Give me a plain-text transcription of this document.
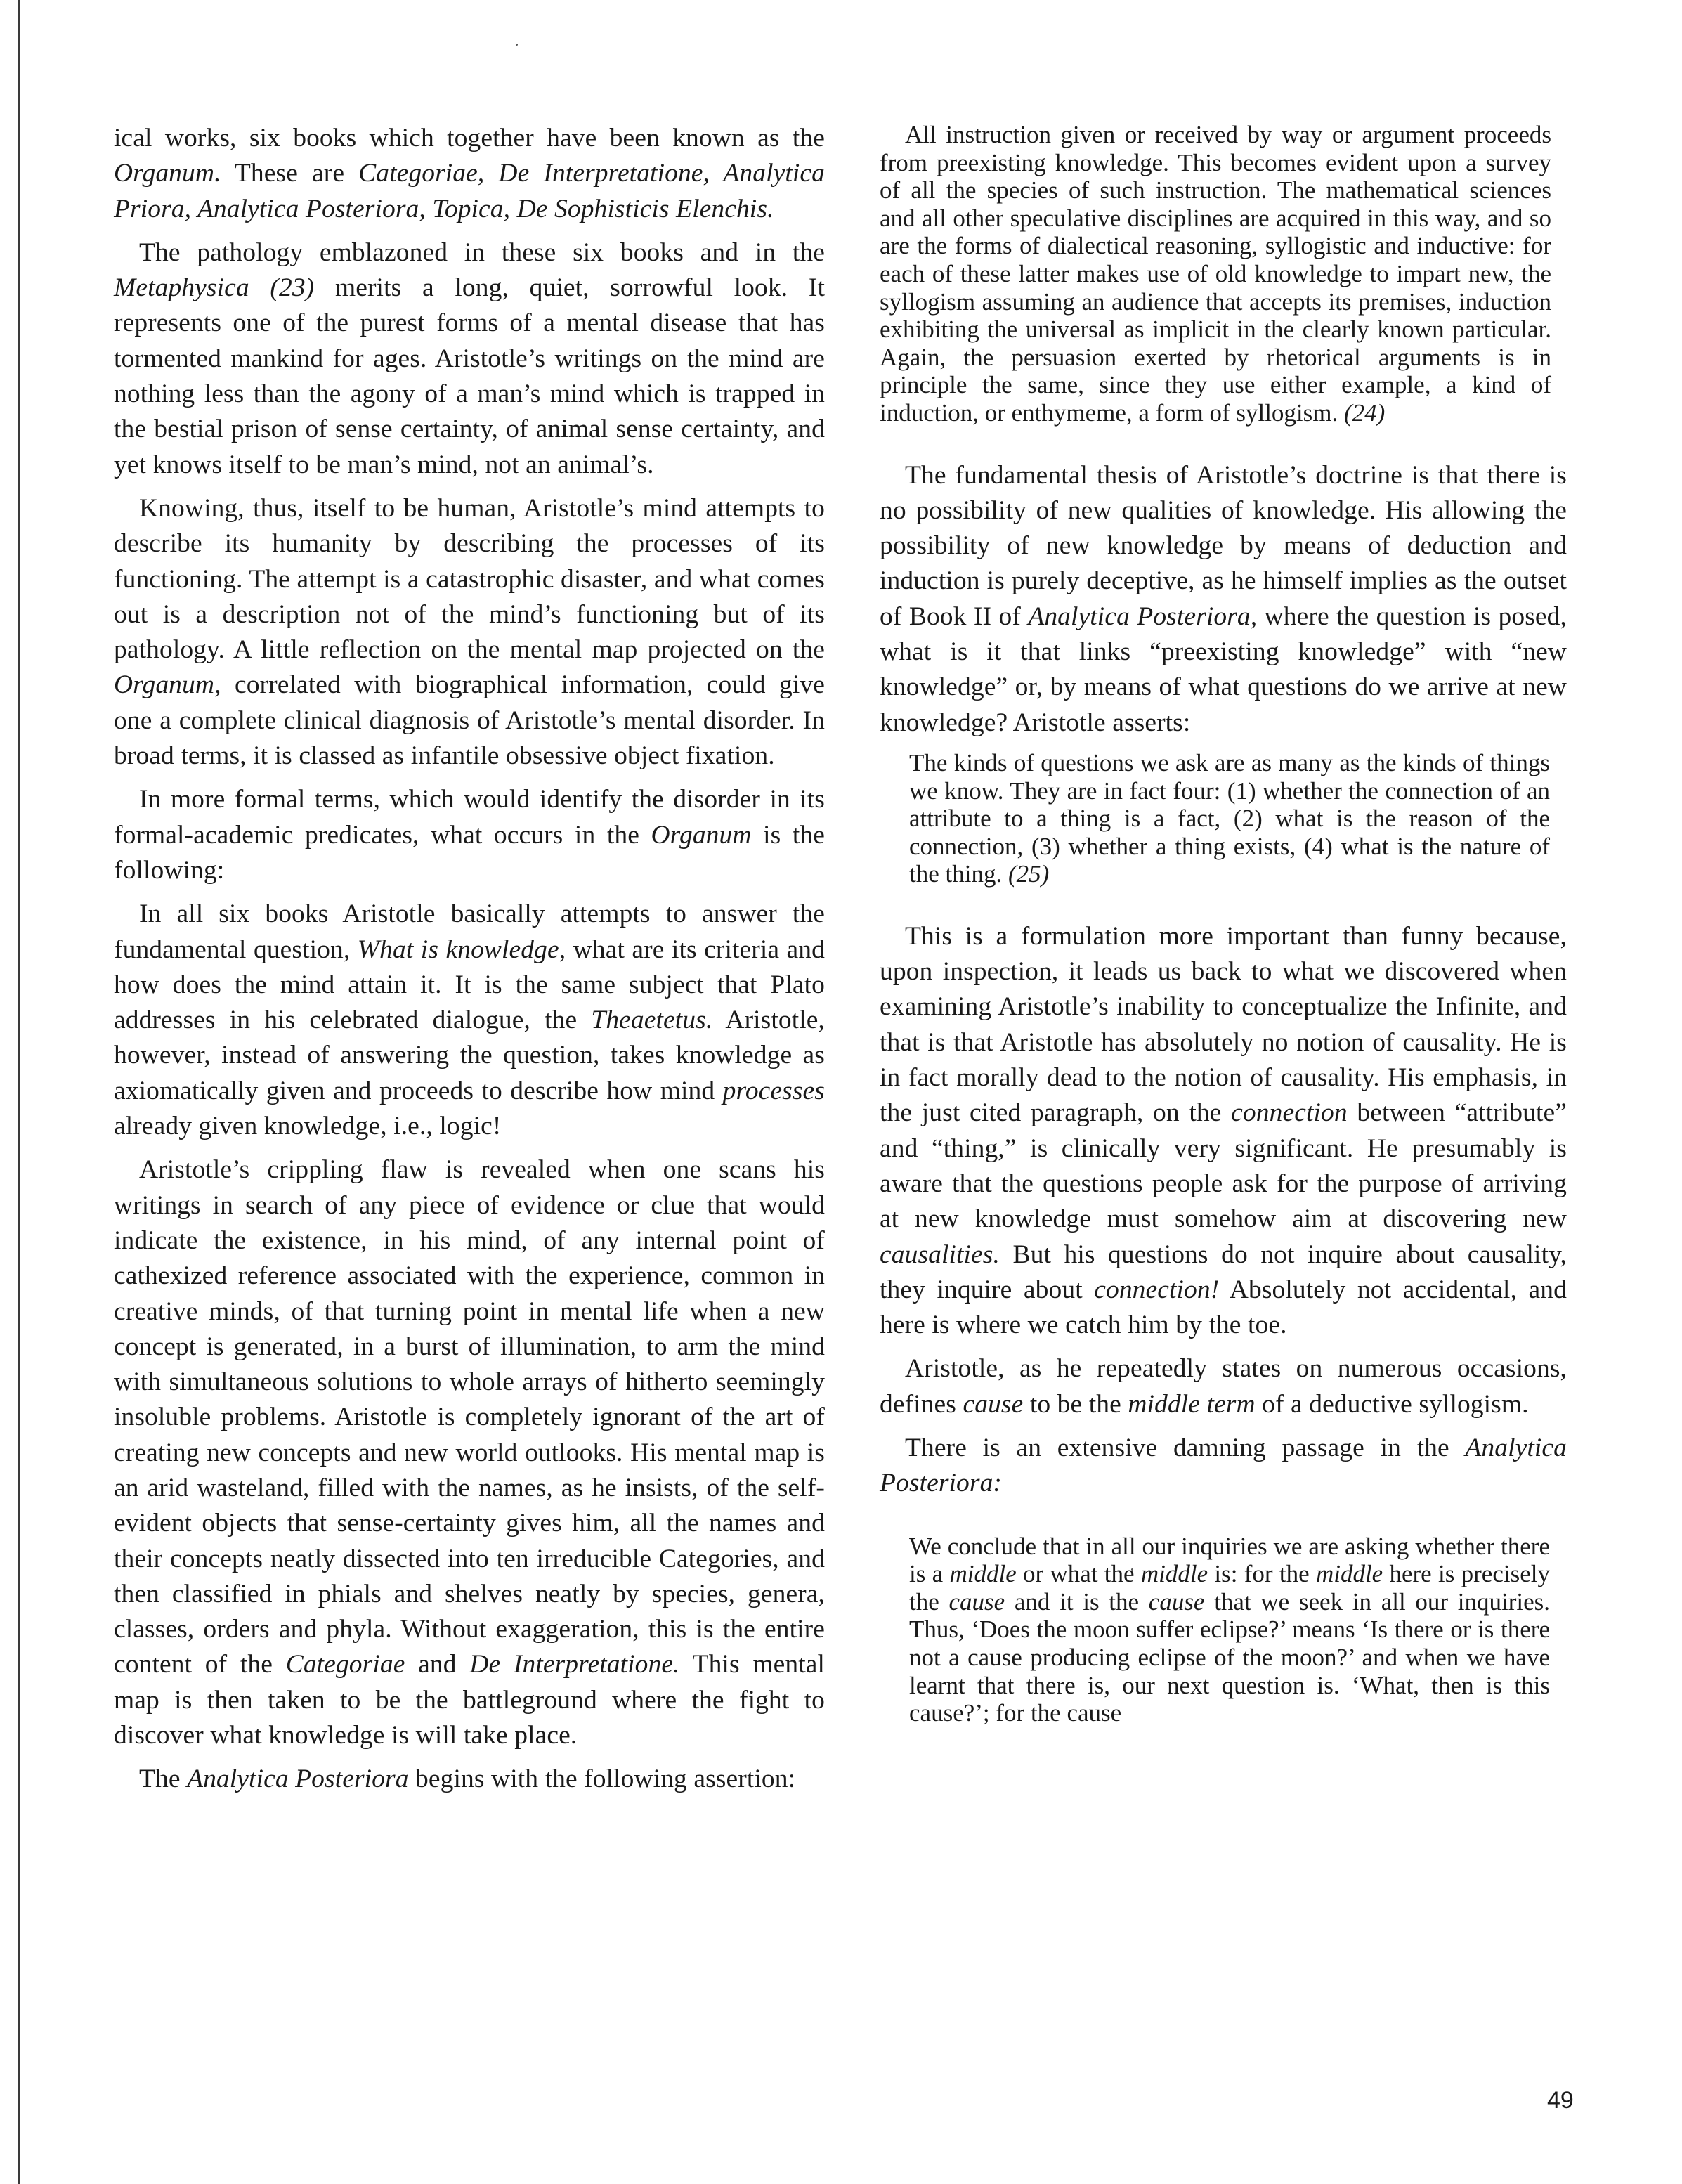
ical works, six books which together have been known as the Organum. These are Categoriae, De Interpretatione, Analytica Priora, Analytica Posteriora, Topica, De Sophisticis Elenchis.

The pathology emblazoned in these six books and in the Metaphysica (23) merits a long, quiet, sorrowful look. It represents one of the purest forms of a mental disease that has tormented mankind for ages. Aristotle’s writings on the mind are nothing less than the agony of a man’s mind which is trapped in the bestial prison of sense certainty, of animal sense certainty, and yet knows itself to be man’s mind, not an animal’s.

Knowing, thus, itself to be human, Aristotle’s mind attempts to describe its humanity by describing the processes of its functioning. The attempt is a catastrophic disaster, and what comes out is a description not of the mind’s functioning but of its pathology. A little reflection on the mental map projected on the Organum, correlated with biographical information, could give one a complete clinical diagnosis of Aristotle’s mental disorder. In broad terms, it is classed as infantile obsessive object fixation.

In more formal terms, which would identify the disorder in its formal-academic predicates, what occurs in the Organum is the following:

In all six books Aristotle basically attempts to answer the fundamental question, What is knowledge, what are its criteria and how does the mind attain it. It is the same subject that Plato addresses in his celebrated dialogue, the Theaetetus. Aristotle, however, instead of answering the question, takes knowledge as axiomatically given and proceeds to describe how mind processes already given knowledge, i.e., logic!

Aristotle’s crippling flaw is revealed when one scans his writings in search of any piece of evidence or clue that would indicate the existence, in his mind, of any internal point of cathexized reference associated with the experience, common in creative minds, of that turning point in mental life when a new concept is generated, in a burst of illumination, to arm the mind with simultaneous solutions to whole arrays of hitherto seemingly insoluble problems. Aristotle is completely ignorant of the art of creating new concepts and new world outlooks. His mental map is an arid wasteland, filled with the names, as he insists, of the self-evident objects that sense-certainty gives him, all the names and their concepts neatly dissected into ten irreducible Categories, and then classified in phials and shelves neatly by species, genera, classes, orders and phyla. Without exaggeration, this is the entire content of the Categoriae and De Interpretatione. This mental map is then taken to be the battleground where the fight to discover what knowledge is will take place.

The Analytica Posteriora begins with the following assertion:

All instruction given or received by way or argument proceeds from preexisting knowledge. This becomes evident upon a survey of all the species of such instruction. The mathematical sciences and all other speculative disciplines are acquired in this way, and so are the forms of dialectical reasoning, syllogistic and inductive: for each of these latter makes use of old knowledge to impart new, the syllogism assuming an audience that accepts its premises, induction exhibiting the universal as implicit in the clearly known particular. Again, the persuasion exerted by rhetorical arguments is in principle the same, since they use either example, a kind of induction, or enthymeme, a form of syllogism. (24)

The fundamental thesis of Aristotle’s doctrine is that there is no possibility of new qualities of knowledge. His allowing the possibility of new knowledge by means of deduction and induction is purely deceptive, as he himself implies as the outset of Book II of Analytica Posteriora, where the question is posed, what is it that links “preexisting knowledge” with “new knowledge” or, by means of what questions do we arrive at new knowledge? Aristotle asserts:

The kinds of questions we ask are as many as the kinds of things we know. They are in fact four: (1) whether the connection of an attribute to a thing is a fact, (2) what is the reason of the connection, (3) whether a thing exists, (4) what is the nature of the thing. (25)

This is a formulation more important than funny because, upon inspection, it leads us back to what we discovered when examining Aristotle’s inability to conceptualize the Infinite, and that is that Aristotle has absolutely no notion of causality. He is in fact morally dead to the notion of causality. His emphasis, in the just cited paragraph, on the connection between “attribute” and “thing,” is clinically very significant. He presumably is aware that the questions people ask for the purpose of arriving at new knowledge must somehow aim at discovering new causalities. But his questions do not inquire about causality, they inquire about connection! Absolutely not accidental, and here is where we catch him by the toe.

Aristotle, as he repeatedly states on numerous occasions, defines cause to be the middle term of a deductive syllogism.

There is an extensive damning passage in the Analytica Posteriora:

We conclude that in all our inquiries we are asking whether there is a middle or what the middle is: for the middle here is precisely the cause and it is the cause that we seek in all our inquiries. Thus, ‘Does the moon suffer eclipse?’ means ‘Is there or is there not a cause producing eclipse of the moon?’ and when we have learnt that there is, our next question is. ‘What, then is this cause?’; for the cause

49
